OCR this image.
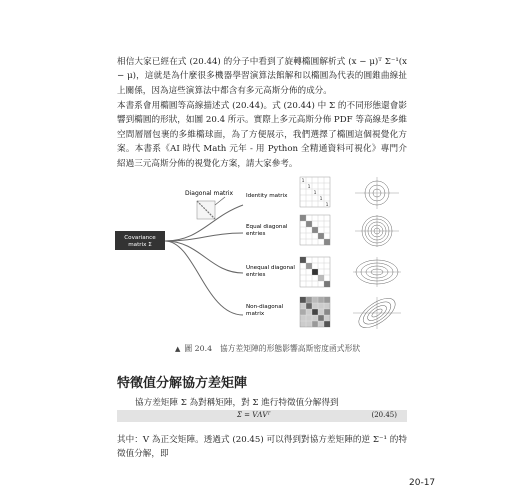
相信大家已經在式 (20.44) 的分子中看到了旋轉橢圓解析式 (x − μ)ᵀ Σ⁻¹(x − μ)，這就是為什麼很多機器學習演算法館解和以橢圓為代表的圓錐曲線扯上關係，因為這些演算法中都含有多元高斯分佈的成分。

本書系會用橢圓等高線描述式 (20.44)。式 (20.44) 中 Σ 的不同形態還會影響到橢圓的形狀，如圖 20.4 所示。實際上多元高斯分佈 PDF 等高線是多維空間層層包裹的多維橢球面，為了方便展示，我們選擇了橢圓這個視覺化方案。本書系《AI 時代 Math 元年 - 用 Python 全精通資料可視化》專門介紹過三元高斯分佈的視覺化方案，請大家參考。

Diagonal matrix
Covariance
matrix Σ
Identity matrix
Equal diagonal
entries
Unequal diagonal
entries
Non-diagonal
matrix
1
1
1
1
1
▲ 圖 20.4　協方差矩陣的形態影響高斯密度函式形狀
特徵值分解協方差矩陣

協方差矩陣 Σ 為對稱矩陣，對 Σ 進行特徵值分解得到

Σ = VΛVᵀ	(20.45)

其中：V 為正交矩陣。透過式 (20.45) 可以得到對協方差矩陣的逆 Σ⁻¹ 的特徵值分解，即

20-17
